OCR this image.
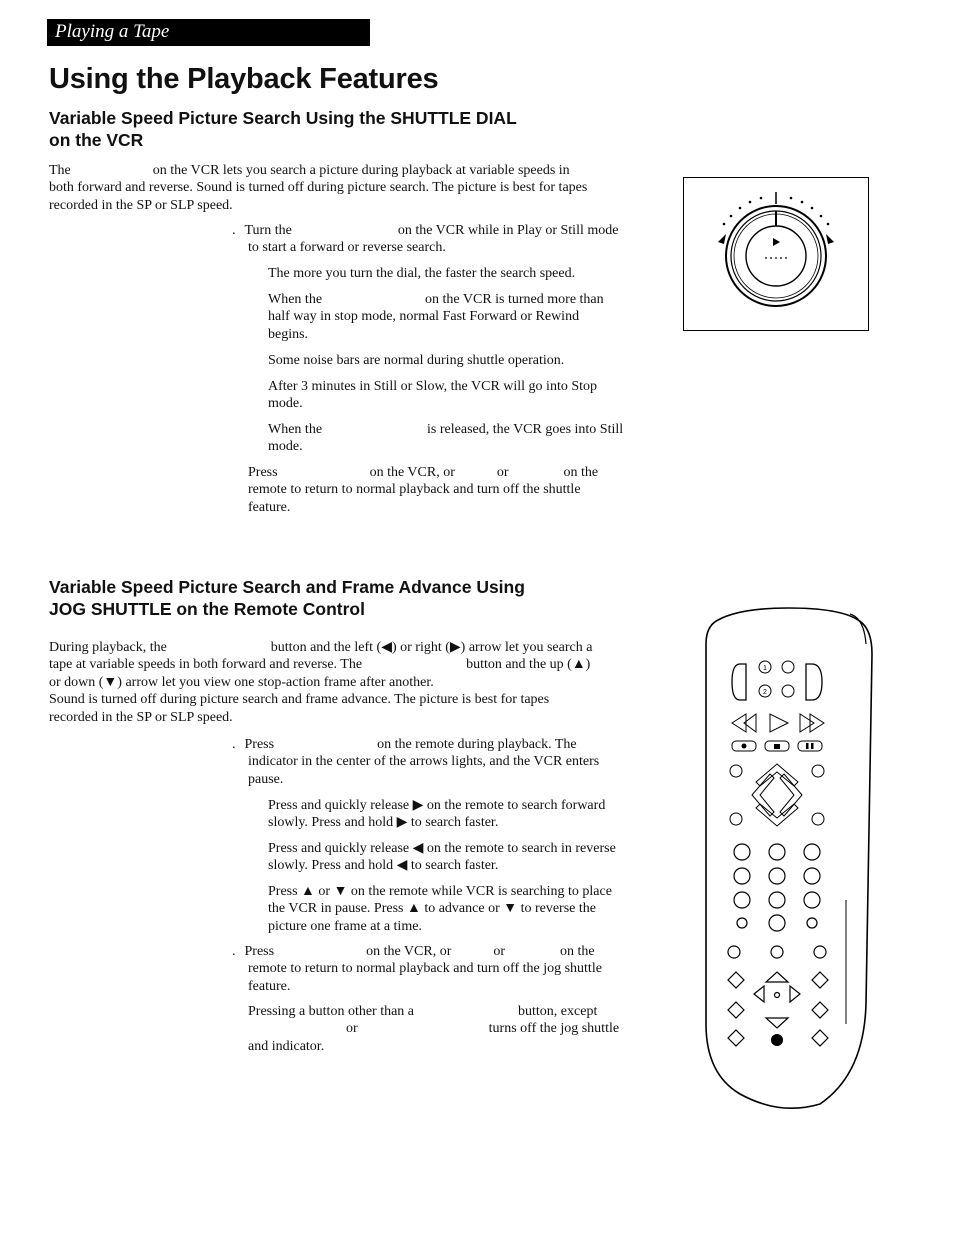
Playing a Tape
Using the Playback Features
Variable Speed Picture Search Using the SHUTTLE DIAL
on the VCR
The	on the VCR lets you search a picture during playback at variable speeds in
both forward and reverse. Sound is turned off during picture search. The picture is best for tapes
recorded in the SP or SLP speed.
. Turn the	on the VCR while in Play or Still mode
to start a forward or reverse search.
The more you turn the dial, the faster the search speed.
When the	on the VCR is turned more than
half way in stop mode, normal Fast Forward or Rewind
begins.
Some noise bars are normal during shuttle operation.
After 3 minutes in Still or Slow, the VCR will go into Stop
mode.
When the	is released, the VCR goes into Still
mode.
Press	on the VCR, or	or	on the
remote to return to normal playback and turn off the shuttle
feature.
Variable Speed Picture Search and Frame Advance Using
JOG SHUTTLE on the Remote Control
During playback, the	button and the left (◀) or right (▶) arrow let you search a
tape at variable speeds in both forward and reverse. The	button and the up (▲)
or down (▼) arrow let you view one stop-action frame after another.
Sound is turned off during picture search and frame advance. The picture is best for tapes
recorded in the SP or SLP speed.
. Press	on the remote during playback. The
indicator in the center of the arrows lights, and the VCR enters
pause.
Press and quickly release ▶ on the remote to search forward
slowly. Press and hold ▶ to search faster.
Press and quickly release ◀ on the remote to search in reverse
slowly. Press and hold ◀ to search faster.
Press ▲ or ▼ on the remote while VCR is searching to place
the VCR in pause. Press ▲ to advance or ▼ to reverse the
picture one frame at a time.
. Press	on the VCR, or	or	on the
remote to return to normal playback and turn off the jog shuttle
feature.
Pressing a button other than a	button, except
or	turns off the jog shuttle
and indicator.
1
2
